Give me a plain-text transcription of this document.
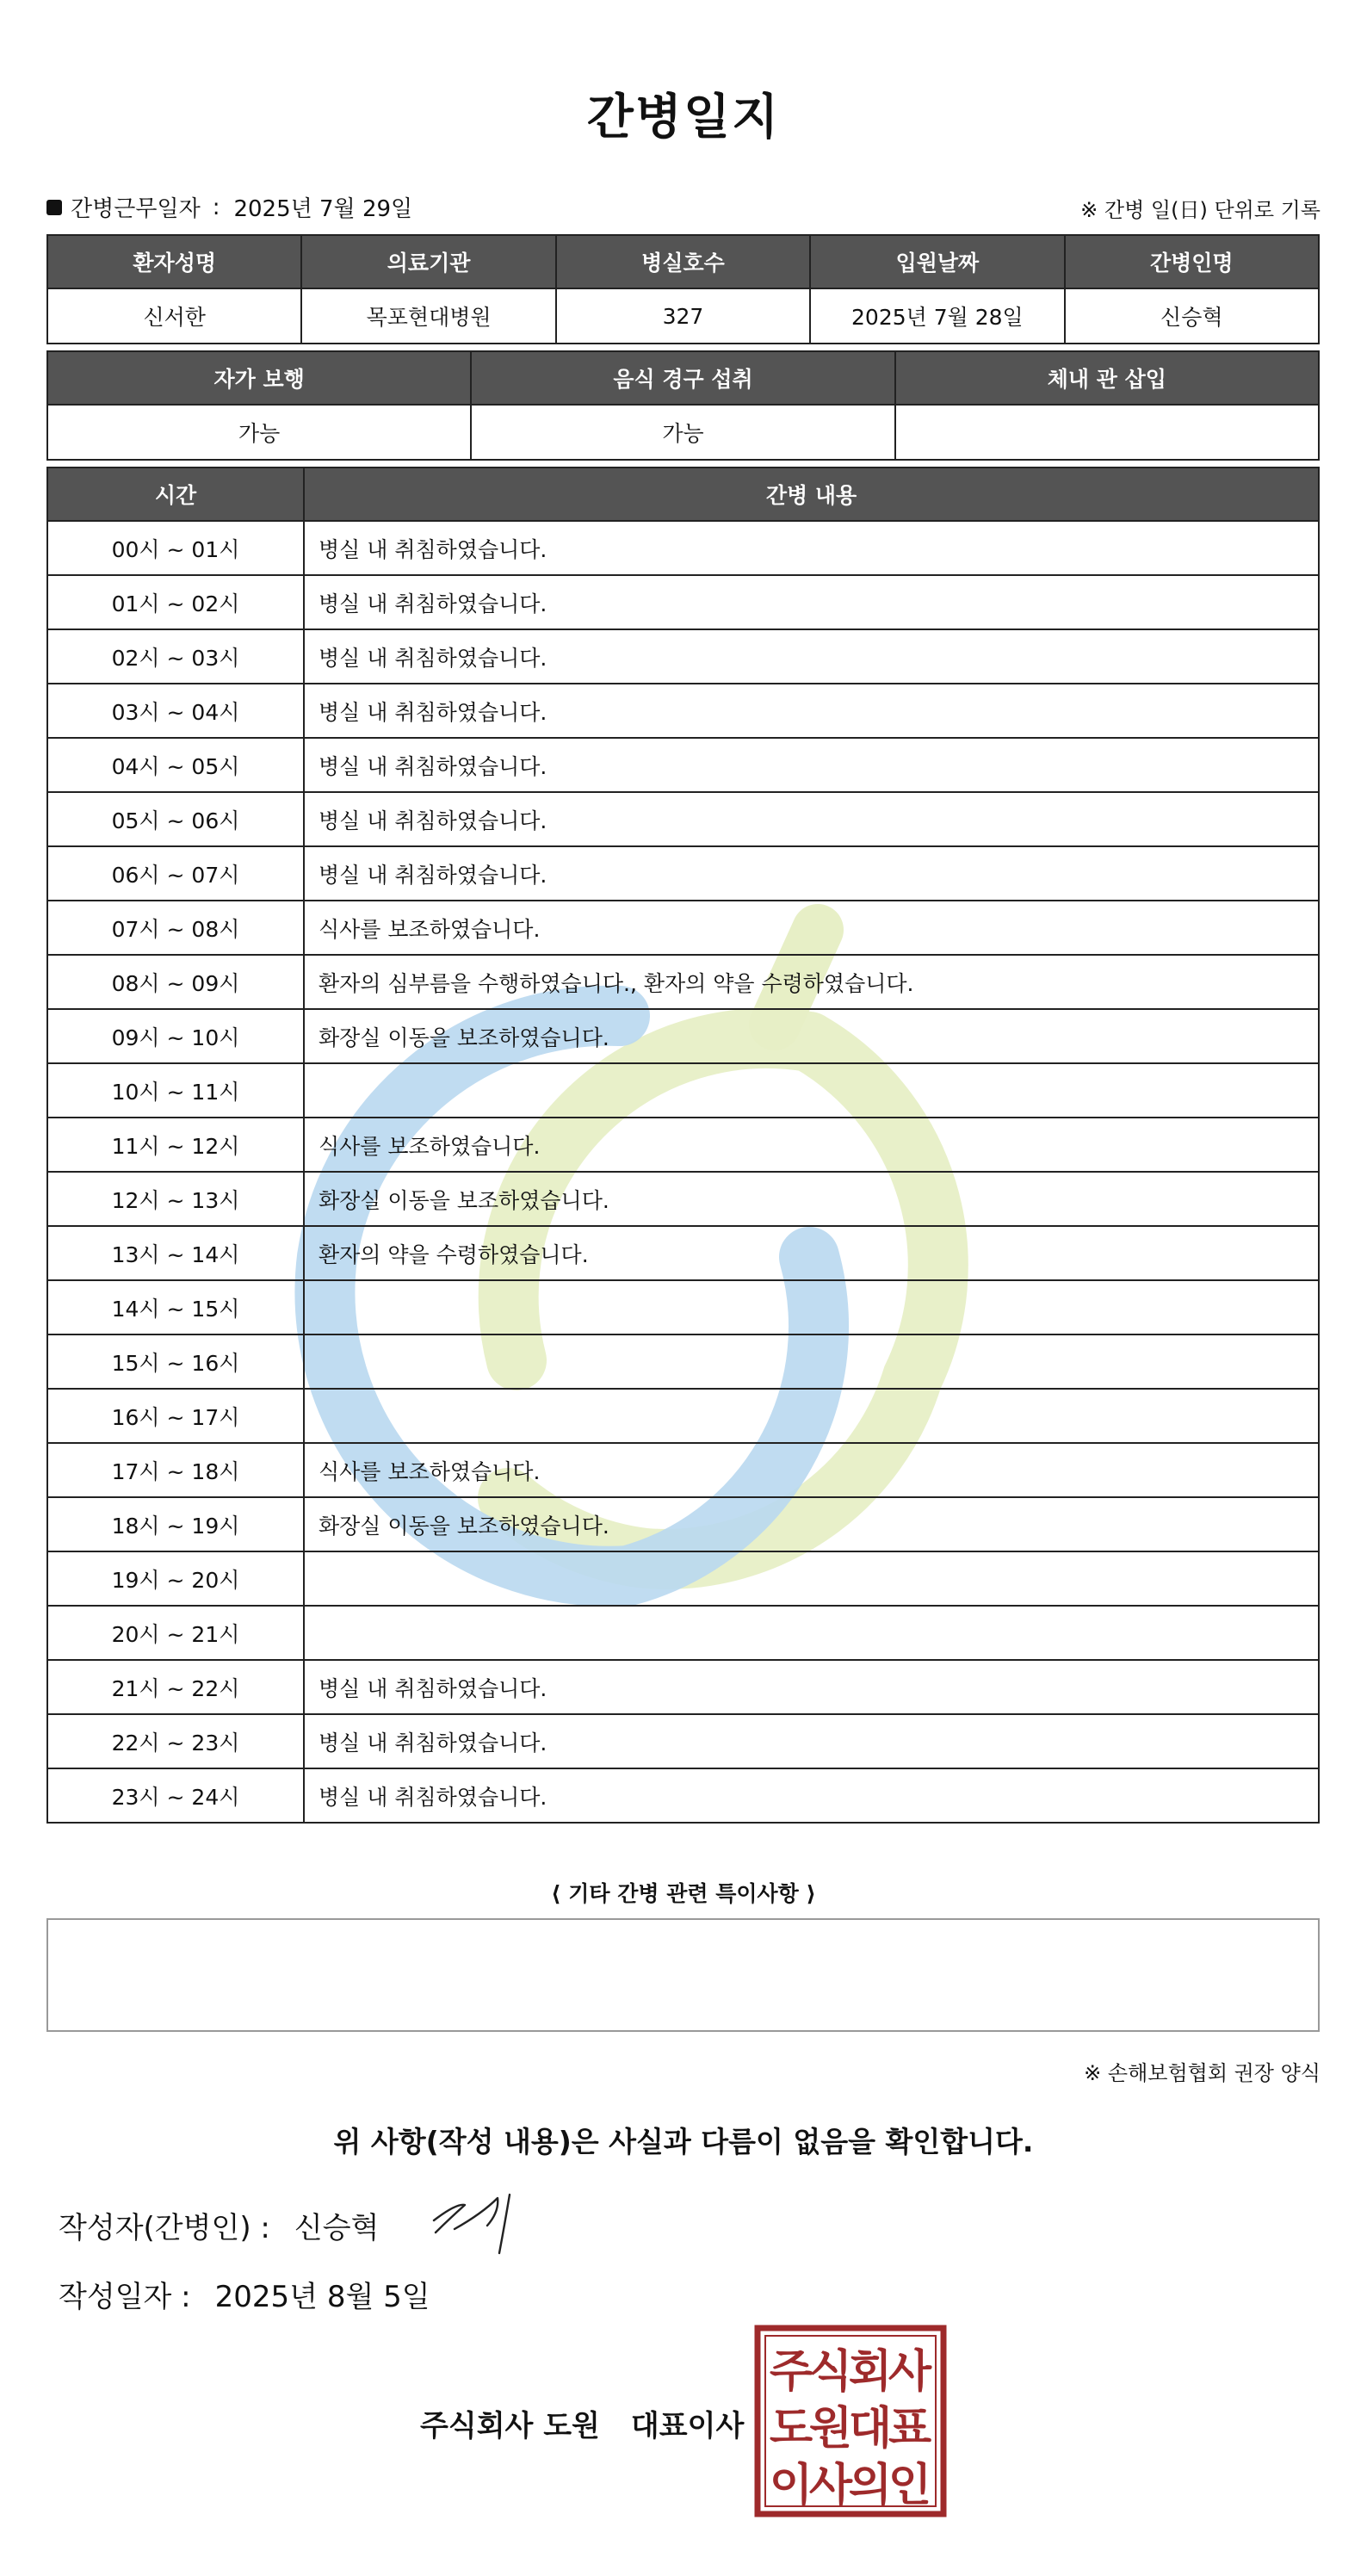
간병일지
간병근무일자 : 2025년 7월 29일	※ 간병 일(日) 단위로 기록
환자성명	의료기관	병실호수	입원날짜	간병인명
신서한	목포현대병원	327	2025년 7월 28일	신승혁
자가 보행	음식 경구 섭취	체내 관 삽입
가능	가능	
시간	간병 내용
00시 ~ 01시	병실 내 취침하였습니다.
01시 ~ 02시	병실 내 취침하였습니다.
02시 ~ 03시	병실 내 취침하였습니다.
03시 ~ 04시	병실 내 취침하였습니다.
04시 ~ 05시	병실 내 취침하였습니다.
05시 ~ 06시	병실 내 취침하였습니다.
06시 ~ 07시	병실 내 취침하였습니다.
07시 ~ 08시	식사를 보조하였습니다.
08시 ~ 09시	환자의 심부름을 수행하였습니다., 환자의 약을 수령하였습니다.
09시 ~ 10시	화장실 이동을 보조하였습니다.
10시 ~ 11시	
11시 ~ 12시	식사를 보조하였습니다.
12시 ~ 13시	화장실 이동을 보조하였습니다.
13시 ~ 14시	환자의 약을 수령하였습니다.
14시 ~ 15시	
15시 ~ 16시	
16시 ~ 17시	
17시 ~ 18시	식사를 보조하였습니다.
18시 ~ 19시	화장실 이동을 보조하였습니다.
19시 ~ 20시	
20시 ~ 21시	
21시 ~ 22시	병실 내 취침하였습니다.
22시 ~ 23시	병실 내 취침하였습니다.
23시 ~ 24시	병실 내 취침하였습니다.
⟨ 기타 간병 관련 특이사항 ⟩
※ 손해보험협회 권장 양식
위 사항(작성 내용)은 사실과 다름이 없음을 확인합니다.
작성자(간병인) : 신승혁
작성일자 : 2025년 8월 5일
주식회사 도원 대표이사
주
식
회
사
도
원
대
표
이
사
의
인
